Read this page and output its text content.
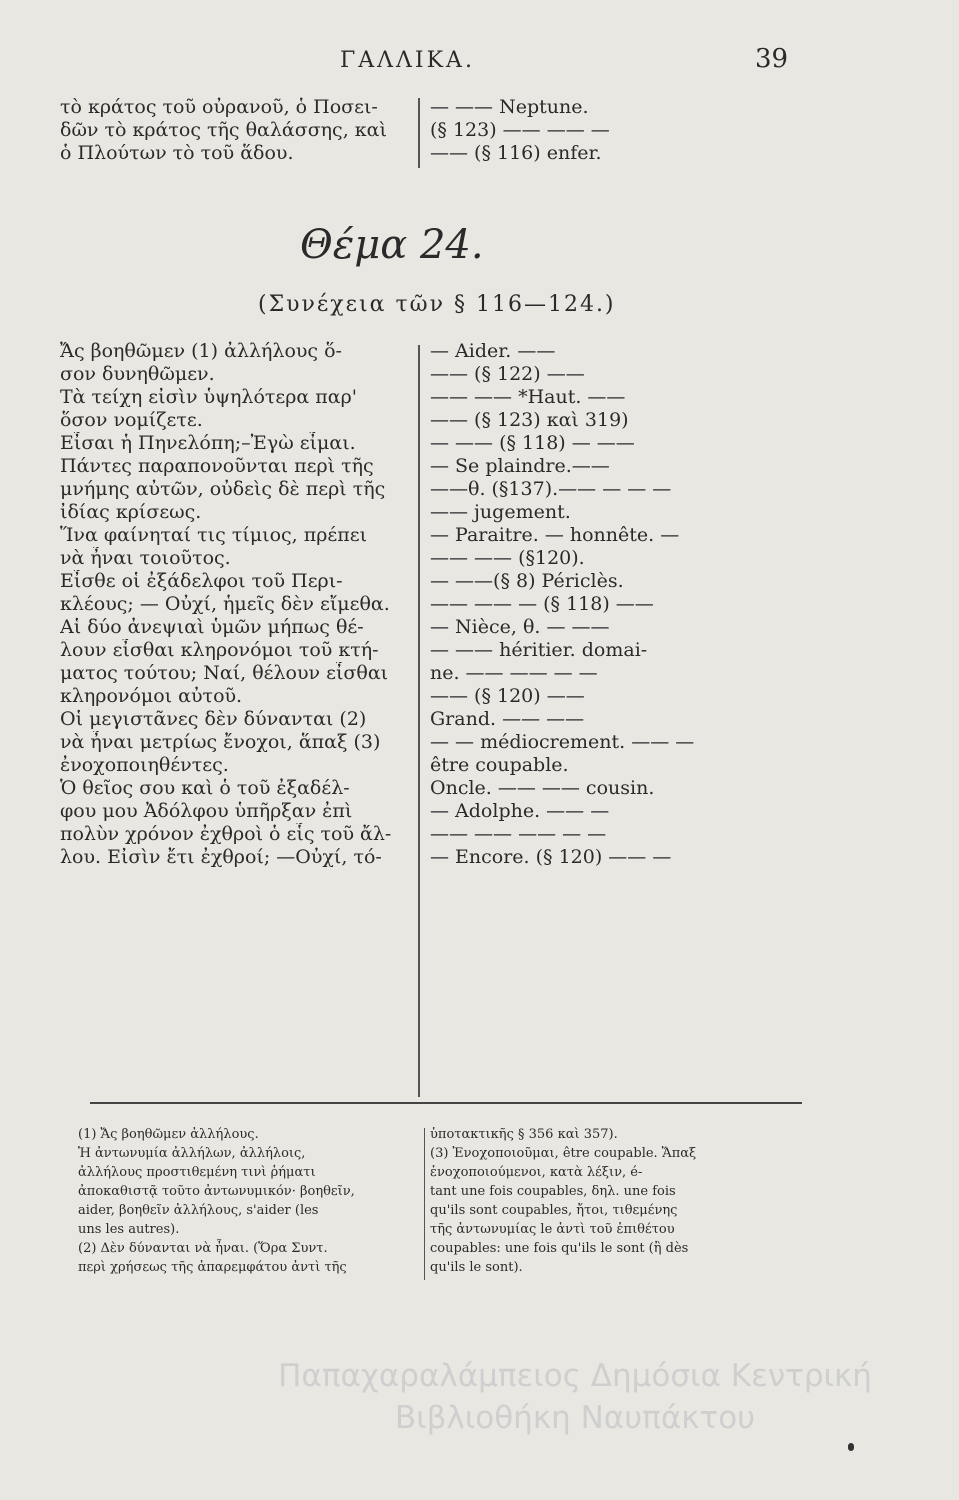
ΓΑΛΛΙΚΑ.	39
τὸ κράτος τοῦ οὐρανοῦ, ὁ Ποσει-
δῶν τὸ κράτος τῆς θαλάσσης, καὶ
ὁ Πλούτων τὸ τοῦ ἅδου.
— —— Neptune.
(§ 123) —— —— —
—— (§ 116) enfer.
Θέμα 24.
(Συνέχεια τῶν § 116—124.)
Ἄς βοηθῶμεν (1) ἀλλήλους ὅ-
σον δυνηθῶμεν.
Τὰ τείχη εἰσὶν ὑψηλότερα παρ'
ὅσον νομίζετε.
Εἶσαι ἡ Πηνελόπη;–Ἐγὼ εἶμαι.
Πάντες παραπονοῦνται περὶ τῆς
μνήμης αὐτῶν, οὐδεὶς δὲ περὶ τῆς
ἰδίας κρίσεως.
Ἵνα φαίνηταί τις τίμιος, πρέπει
νὰ ἦναι τοιοῦτος.
Εἶσθε οἱ ἐξάδελφοι τοῦ Περι-
κλέους; — Οὐχί, ἡμεῖς δὲν εἴμεθα.
Αἱ δύο ἀνεψιαὶ ὑμῶν μήπως θέ-
λουν εἶσθαι κληρονόμοι τοῦ κτή-
ματος τούτου; Ναί, θέλουν εἶσθαι
κληρονόμοι αὐτοῦ.
Οἱ μεγιστᾶνες δὲν δύνανται (2)
νὰ ἦναι μετρίως ἔνοχοι, ἅπαξ (3)
ἐνοχοποιηθέντες.
Ὁ θεῖος σου καὶ ὁ τοῦ ἐξαδέλ-
φου μου Ἀδόλφου ὑπῆρξαν ἐπὶ
πολὺν χρόνον ἐχθροὶ ὁ εἷς τοῦ ἄλ-
λου. Εἰσὶν ἔτι ἐχθροί; —Οὐχί, τό-
— Aider. ——
—— (§ 122) ——
—— —— *Haut. ——
—— (§ 123) καὶ 319)
— —— (§ 118) — ——
— Se plaindre.——
——θ. (§137).—— — — —
—— jugement.
— Paraitre. — honnête. —
—— —— (§120).
— ——(§ 8) Périclès.
—— —— — (§ 118) ——
— Nièce, θ. — ——
— —— héritier. domai-
ne. —— —— — —
—— (§ 120) ——
Grand. —— ——
— — médiocrement. —— —
être coupable.
Oncle. —— —— cousin.
— Adolphe. —— —
—— —— —— — —
— Encore. (§ 120) —— —
(1) Ἄς βοηθῶμεν ἀλλήλους.
Ἡ ἀντωνυμία ἀλλήλων, ἀλλήλοις,
ἀλλήλους προστιθεμένη τινὶ ῥήματι
ἀποκαθιστᾷ τοῦτο ἀντωνυμικόν· βοηθεῖν,
aider, βοηθεῖν ἀλλήλους, s'aider (les
uns les autres).
(2) Δὲν δύνανται νὰ ἦναι. (Ὅρα Συντ.
περὶ χρήσεως τῆς ἀπαρεμφάτου ἀντὶ τῆς
ὑποτακτικῆς § 356 καὶ 357).
(3) Ἐνοχοποιοῦμαι, être coupable. Ἅπαξ
ἐνοχοποιούμενοι, κατὰ λέξιν, é-
tant une fois coupables, δηλ. une fois
qu'ils sont coupables, ἤτοι, τιθεμένης
τῆς ἀντωνυμίας le ἀντὶ τοῦ ἐπιθέτου
coupables: une fois qu'ils le sont (ἢ dès
qu'ils le sont).
Παπαχαραλάμπειος Δημόσια Κεντρική
Βιβλιοθήκη Ναυπάκτου
